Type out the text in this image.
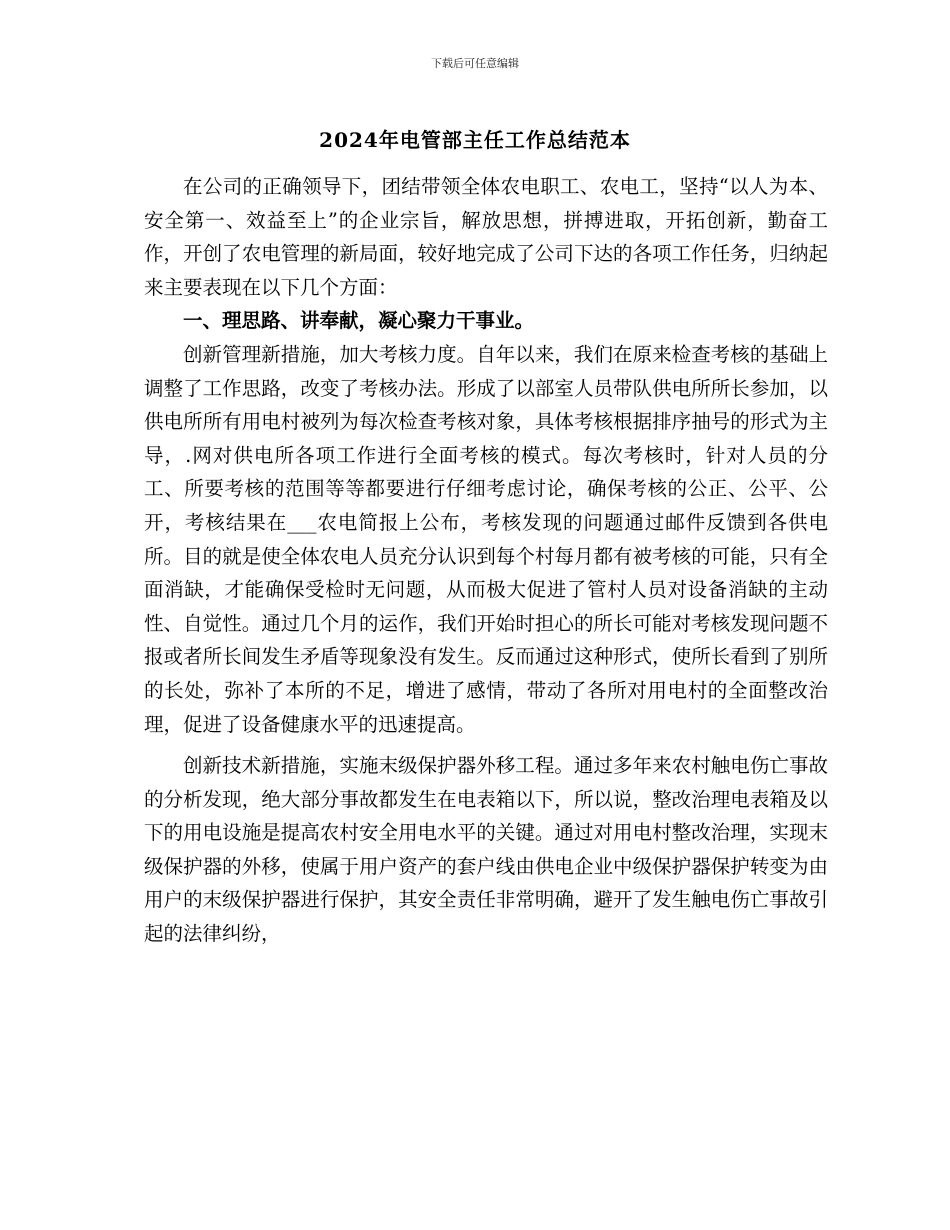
下载后可任意编辑
2024年电管部主任工作总结范本

在公司的正确领导下，团结带领全体农电职工、农电工，坚持“以人为本、安全第一、效益至上”的企业宗旨，解放思想，拼搏进取，开拓创新，勤奋工作，开创了农电管理的新局面，较好地完成了公司下达的各项工作任务，归纳起来主要表现在以下几个方面：

一、理思路、讲奉献，凝心聚力干事业。

创新管理新措施，加大考核力度。自年以来，我们在原来检查考核的基础上调整了工作思路，改变了考核办法。形成了以部室人员带队供电所所长参加，以供电所所有用电村被列为每次检查考核对象，具体考核根据排序抽号的形式为主导，.网对供电所各项工作进行全面考核的模式。每次考核时，针对人员的分工、所要考核的范围等等都要进行仔细考虑讨论，确保考核的公正、公平、公开，考核结果在___农电简报上公布，考核发现的问题通过邮件反馈到各供电所。目的就是使全体农电人员充分认识到每个村每月都有被考核的可能，只有全面消缺，才能确保受检时无问题，从而极大促进了管村人员对设备消缺的主动性、自觉性。通过几个月的运作，我们开始时担心的所长可能对考核发现问题不报或者所长间发生矛盾等现象没有发生。反而通过这种形式，使所长看到了别所的长处，弥补了本所的不足，增进了感情，带动了各所对用电村的全面整改治理，促进了设备健康水平的迅速提高。

创新技术新措施，实施末级保护器外移工程。通过多年来农村触电伤亡事故的分析发现，绝大部分事故都发生在电表箱以下，所以说，整改治理电表箱及以下的用电设施是提高农村安全用电水平的关键。通过对用电村整改治理，实现末级保护器的外移，使属于用户资产的套户线由供电企业中级保护器保护转变为由用户的末级保护器进行保护，其安全责任非常明确，避开了发生触电伤亡事故引起的法律纠纷，
